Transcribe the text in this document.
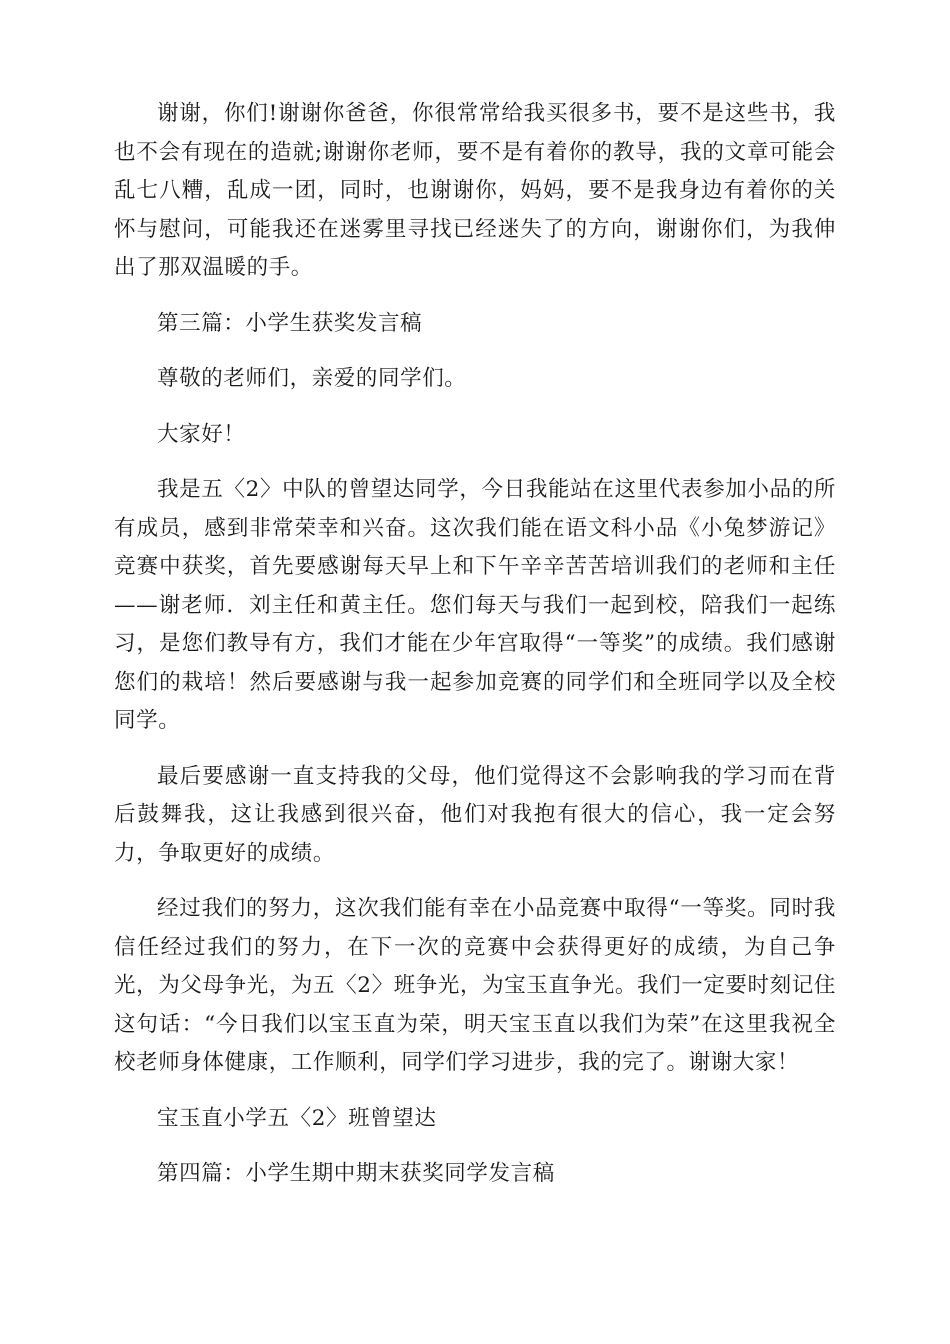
谢谢，你们!谢谢你爸爸，你很常常给我买很多书，要不是这些书，我也不会有现在的造就;谢谢你老师，要不是有着你的教导，我的文章可能会乱七八糟，乱成一团，同时，也谢谢你，妈妈，要不是我身边有着你的关怀与慰问，可能我还在迷雾里寻找已经迷失了的方向，谢谢你们，为我伸出了那双温暖的手。

第三篇：小学生获奖发言稿

尊敬的老师们，亲爱的同学们。

大家好！

我是五〈2〉中队的曾望达同学，今日我能站在这里代表参加小品的所有成员，感到非常荣幸和兴奋。这次我们能在语文科小品《小兔梦游记》竞赛中获奖，首先要感谢每天早上和下午辛辛苦苦培训我们的老师和主任——谢老师．刘主任和黄主任。您们每天与我们一起到校，陪我们一起练习，是您们教导有方，我们才能在少年宫取得“一等奖”的成绩。我们感谢您们的栽培！然后要感谢与我一起参加竞赛的同学们和全班同学以及全校同学。

最后要感谢一直支持我的父母，他们觉得这不会影响我的学习而在背后鼓舞我，这让我感到很兴奋，他们对我抱有很大的信心，我一定会努力，争取更好的成绩。

经过我们的努力，这次我们能有幸在小品竞赛中取得“一等奖。同时我信任经过我们的努力，在下一次的竞赛中会获得更好的成绩，为自己争光，为父母争光，为五〈2〉班争光，为宝玉直争光。我们一定要时刻记住这句话：“今日我们以宝玉直为荣，明天宝玉直以我们为荣”在这里我祝全校老师身体健康，工作顺利，同学们学习进步，我的完了。谢谢大家！

宝玉直小学五〈2〉班曾望达

第四篇：小学生期中期末获奖同学发言稿
